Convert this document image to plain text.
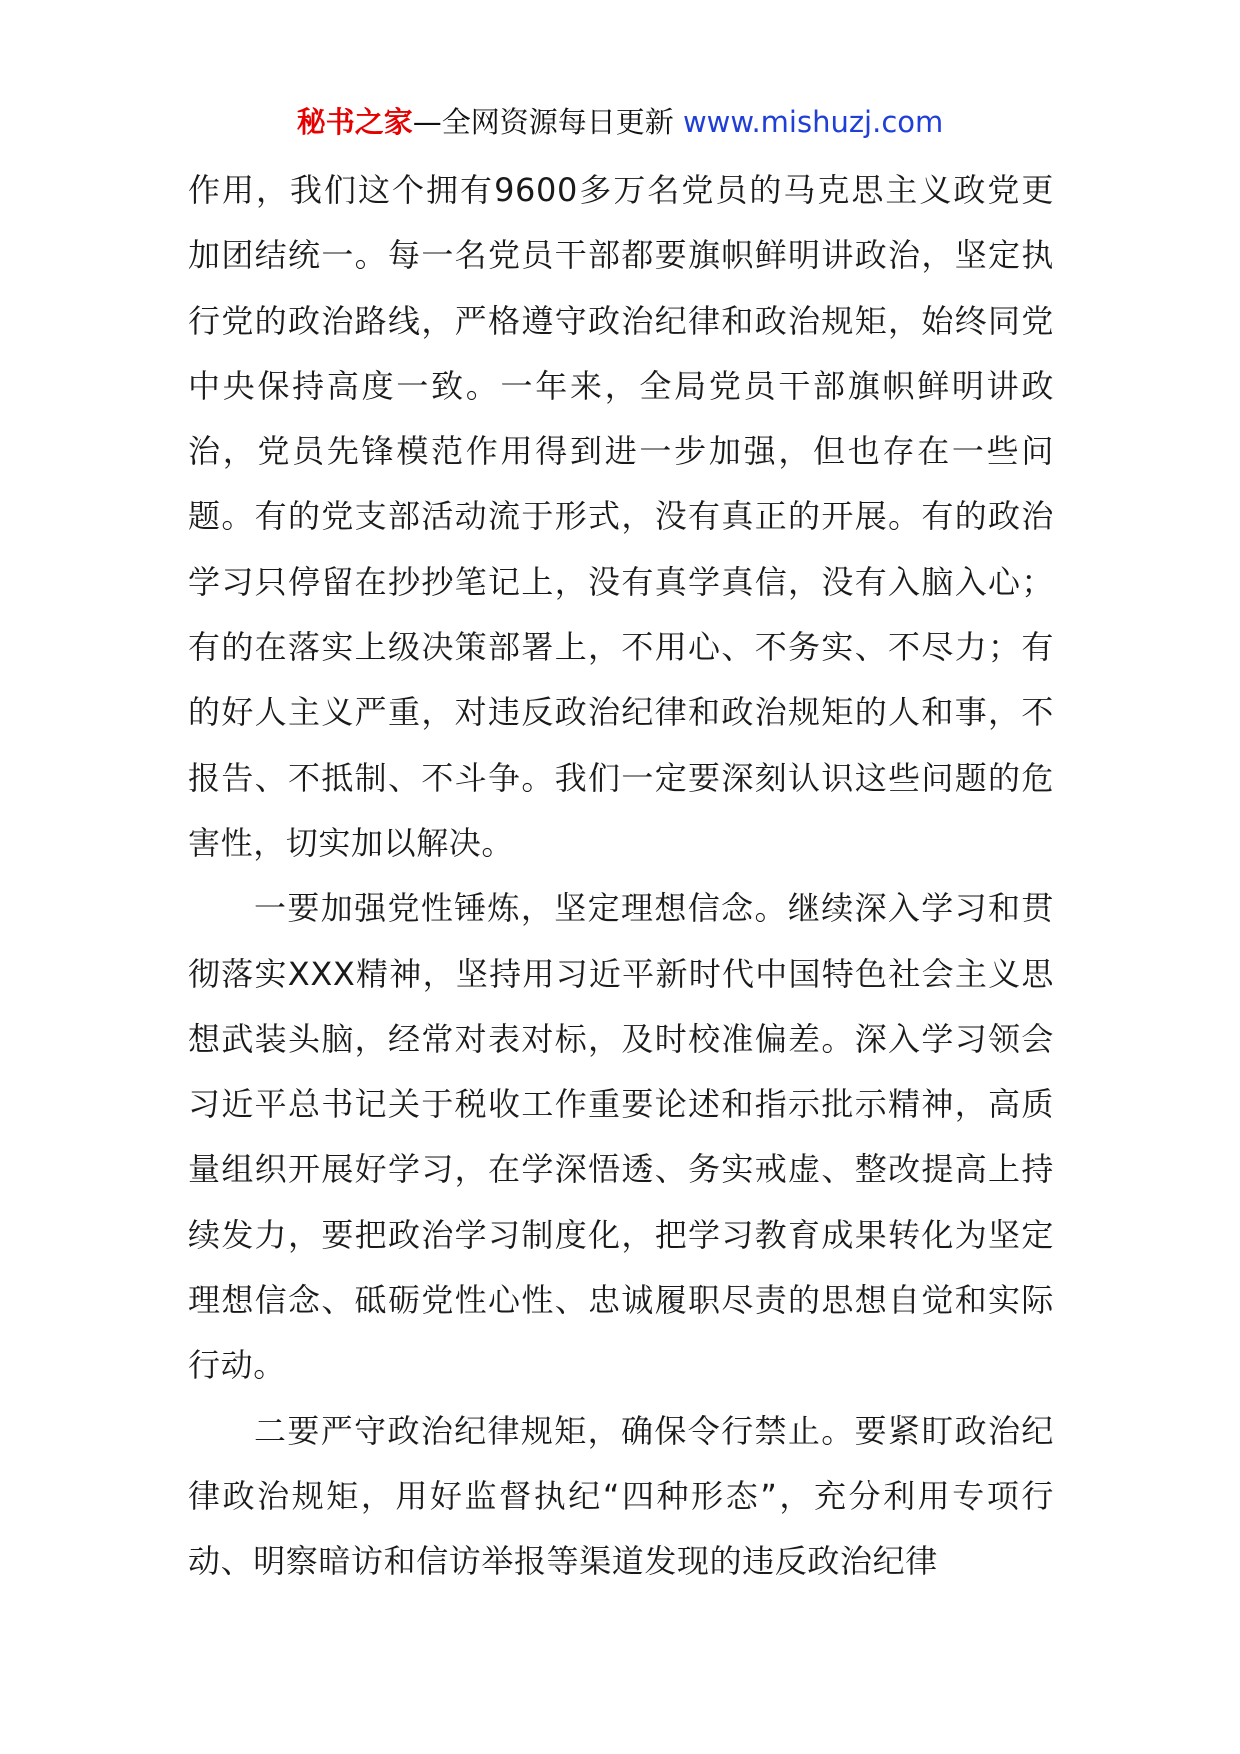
秘书之家—全网资源每日更新 www.mishuzj.com

作用，我们这个拥有9600多万名党员的马克思主义政党更加团结统一。每一名党员干部都要旗帜鲜明讲政治，坚定执行党的政治路线，严格遵守政治纪律和政治规矩，始终同党中央保持高度一致。一年来，全局党员干部旗帜鲜明讲政治，党员先锋模范作用得到进一步加强，但也存在一些问题。有的党支部活动流于形式，没有真正的开展。有的政治学习只停留在抄抄笔记上，没有真学真信，没有入脑入心；有的在落实上级决策部署上，不用心、不务实、不尽力；有的好人主义严重，对违反政治纪律和政治规矩的人和事，不报告、不抵制、不斗争。我们一定要深刻认识这些问题的危害性，切实加以解决。

一要加强党性锤炼，坚定理想信念。继续深入学习和贯彻落实XXX精神，坚持用习近平新时代中国特色社会主义思想武装头脑，经常对表对标，及时校准偏差。深入学习领会习近平总书记关于税收工作重要论述和指示批示精神，高质量组织开展好学习，在学深悟透、务实戒虚、整改提高上持续发力，要把政治学习制度化，把学习教育成果转化为坚定理想信念、砥砺党性心性、忠诚履职尽责的思想自觉和实际行动。

二要严守政治纪律规矩，确保令行禁止。要紧盯政治纪律政治规矩，用好监督执纪“四种形态”，充分利用专项行动、明察暗访和信访举报等渠道发现的违反政治纪律
